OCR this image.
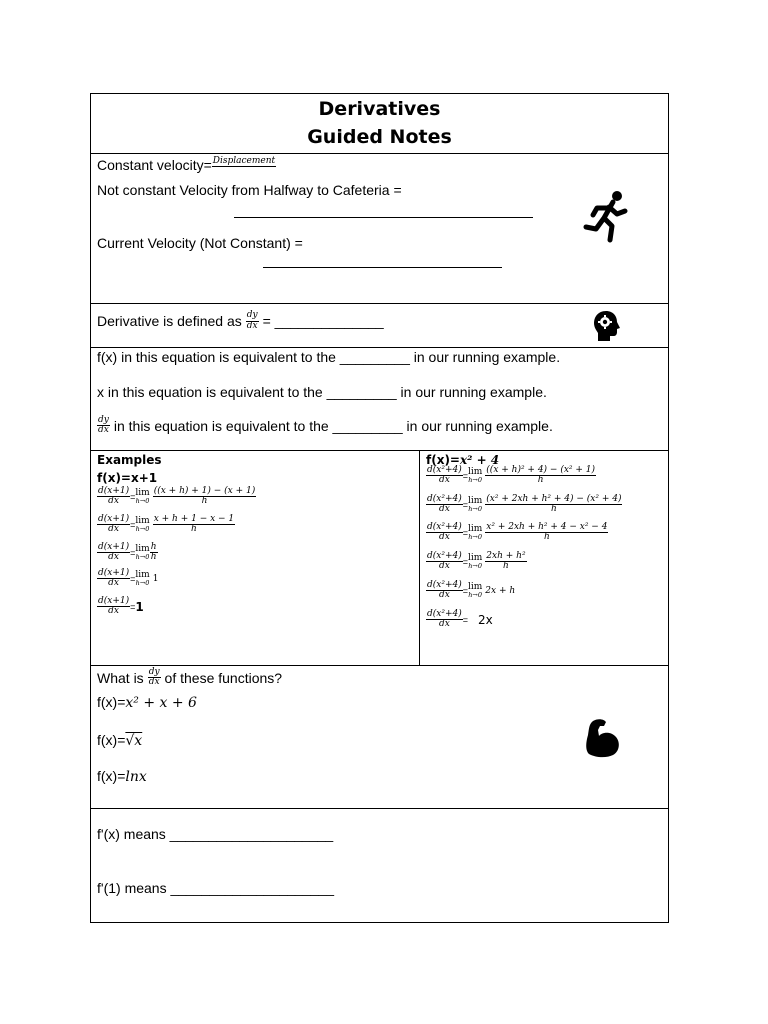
Derivatives
Guided Notes
Constant velocity= Displacement
Not constant Velocity from Halfway to Cafeteria =
Current Velocity (Not Constant) =
Derivative is defined as $\frac{dy}{dx}$ = ______________
f(x) in this equation is equivalent to the _________ in our running example.
x in this equation is equivalent to the _________ in our running example.
$\frac{dy}{dx}$ in this equation is equivalent to the _________ in our running example.
Examples
f(x)=x+1
$\frac{d(x+1)}{dx} = \lim$
$h\to 0 \frac{((x + h) + 1) - (x + 1)}{h}$
$\frac{d(x+1)}{dx} = \lim$
$h\to 0 \frac{x + h + 1 - x - 1}{h}$
$\frac{d(x+1)}{dx} = \lim$
$h\to 0 \frac{h}{h}$
$\frac{d(x+1)}{dx} = \lim$
h→0 1
$\frac{d(x+1)}{dx} = 1$
f(x)= x² + 4
$\frac{\text{d(x²+4)}}{dx} = \lim$
$h\to 0 \frac{\text{((x + h)² + 4) − (x² + 1)}}{h}$
$\frac{\text{d(x²+4)}}{dx} = \lim$
$h\to 0 \frac{\text{(x² + 2xh + h² + 4) − (x² + 4)}}{h}$
$\frac{\text{d(x²+4)}}{dx} = \lim$
$h\to 0 \frac{\text{x² + 2xh + h² + 4 − x² − 4}}{h}$
$\frac{\text{d(x²+4)}}{dx} = \lim$
$h\to 0 \frac{\text{2xh + h²}}{h}$
$\frac{\text{d(x²+4)}}{dx} = \lim$
h→0 2x + h
$\frac{\text{d(x²+4)}}{dx} = 2x$
What is $\frac{dy}{dx}$ of these functions?
f(x)=x² + x + 6
f(x)=√x
f(x)=lnx
f'(x) means _____________________
f'(1) means _____________________
